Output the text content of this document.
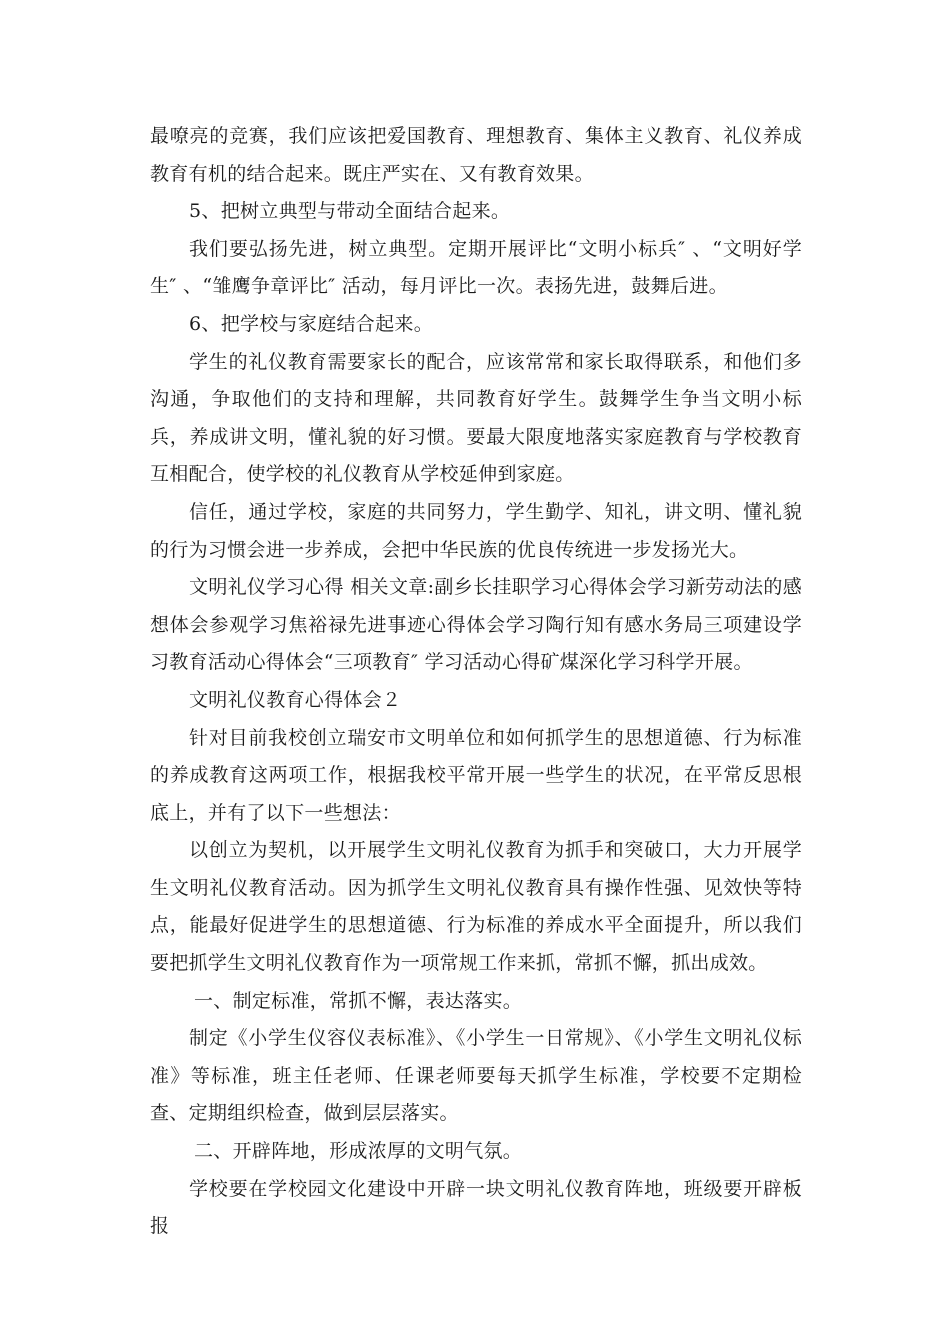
最嘹亮的竞赛，我们应该把爱国教育、理想教育、集体主义教育、礼仪养成教育有机的结合起来。既庄严实在、又有教育效果。

5、把树立典型与带动全面结合起来。

我们要弘扬先进，树立典型。定期开展评比“文明小标兵″ 、“文明好学生″ 、“雏鹰争章评比″ 活动，每月评比一次。表扬先进，鼓舞后进。

6、把学校与家庭结合起来。

学生的礼仪教育需要家长的配合，应该常常和家长取得联系，和他们多沟通，争取他们的支持和理解，共同教育好学生。鼓舞学生争当文明小标兵，养成讲文明，懂礼貌的好习惯。要最大限度地落实家庭教育与学校教育互相配合，使学校的礼仪教育从学校延伸到家庭。

信任，通过学校，家庭的共同努力，学生勤学、知礼，讲文明、懂礼貌的行为习惯会进一步养成，会把中华民族的优良传统进一步发扬光大。

文明礼仪学习心得 相关文章:副乡长挂职学习心得体会学习新劳动法的感想体会参观学习焦裕禄先进事迹心得体会学习陶行知有感水务局三项建设学习教育活动心得体会“三项教育″ 学习活动心得矿煤深化学习科学开展。

文明礼仪教育心得体会２

针对目前我校创立瑞安市文明单位和如何抓学生的思想道德、行为标准的养成教育这两项工作，根据我校平常开展一些学生的状况，在平常反思根底上，并有了以下一些想法：

以创立为契机，以开展学生文明礼仪教育为抓手和突破口，大力开展学生文明礼仪教育活动。因为抓学生文明礼仪教育具有操作性强、见效快等特点，能最好促进学生的思想道德、行为标准的养成水平全面提升，所以我们要把抓学生文明礼仪教育作为一项常规工作来抓，常抓不懈，抓出成效。

一、制定标准，常抓不懈，表达落实。

制定《小学生仪容仪表标准》、《小学生一日常规》、《小学生文明礼仪标准》等标准，班主任老师、任课老师要每天抓学生标准，学校要不定期检查、定期组织检查，做到层层落实。

二、开辟阵地，形成浓厚的文明气氛。

学校要在学校园文化建设中开辟一块文明礼仪教育阵地，班级要开辟板报
